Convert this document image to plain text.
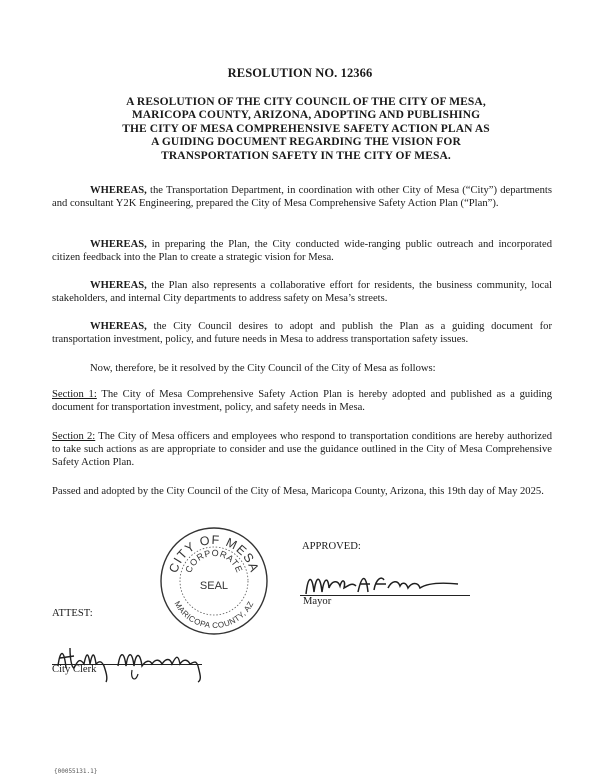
RESOLUTION NO. 12366
A RESOLUTION OF THE CITY COUNCIL OF THE CITY OF MESA, MARICOPA COUNTY, ARIZONA, ADOPTING AND PUBLISHING THE CITY OF MESA COMPREHENSIVE SAFETY ACTION PLAN AS A GUIDING DOCUMENT REGARDING THE VISION FOR TRANSPORTATION SAFETY IN THE CITY OF MESA.

WHEREAS, the Transportation Department, in coordination with other City of Mesa (“City”) departments and consultant Y2K Engineering, prepared the City of Mesa Comprehensive Safety Action Plan (“Plan”).

WHEREAS, in preparing the Plan, the City conducted wide-ranging public outreach and incorporated citizen feedback into the Plan to create a strategic vision for Mesa.

WHEREAS, the Plan also represents a collaborative effort for residents, the business community, local stakeholders, and internal City departments to address safety on Mesa’s streets.

WHEREAS, the City Council desires to adopt and publish the Plan as a guiding document for transportation investment, policy, and future needs in Mesa to address transportation safety issues.

Now, therefore, be it resolved by the City Council of the City of Mesa as follows:

Section 1: The City of Mesa Comprehensive Safety Action Plan is hereby adopted and published as a guiding document for transportation investment, policy, and safety needs in Mesa.

Section 2: The City of Mesa officers and employees who respond to transportation conditions are hereby authorized to take such actions as are appropriate to consider and use the guidance outlined in the City of Mesa Comprehensive Safety Action Plan.

Passed and adopted by the City Council of the City of Mesa, Maricopa County, Arizona, this 19th day of May 2025.

CITY OF MESA
CORPORATE
SEAL
MARICOPA COUNTY, AZ
APPROVED:
Mayor
ATTEST:
City Clerk
{00055131.1}
